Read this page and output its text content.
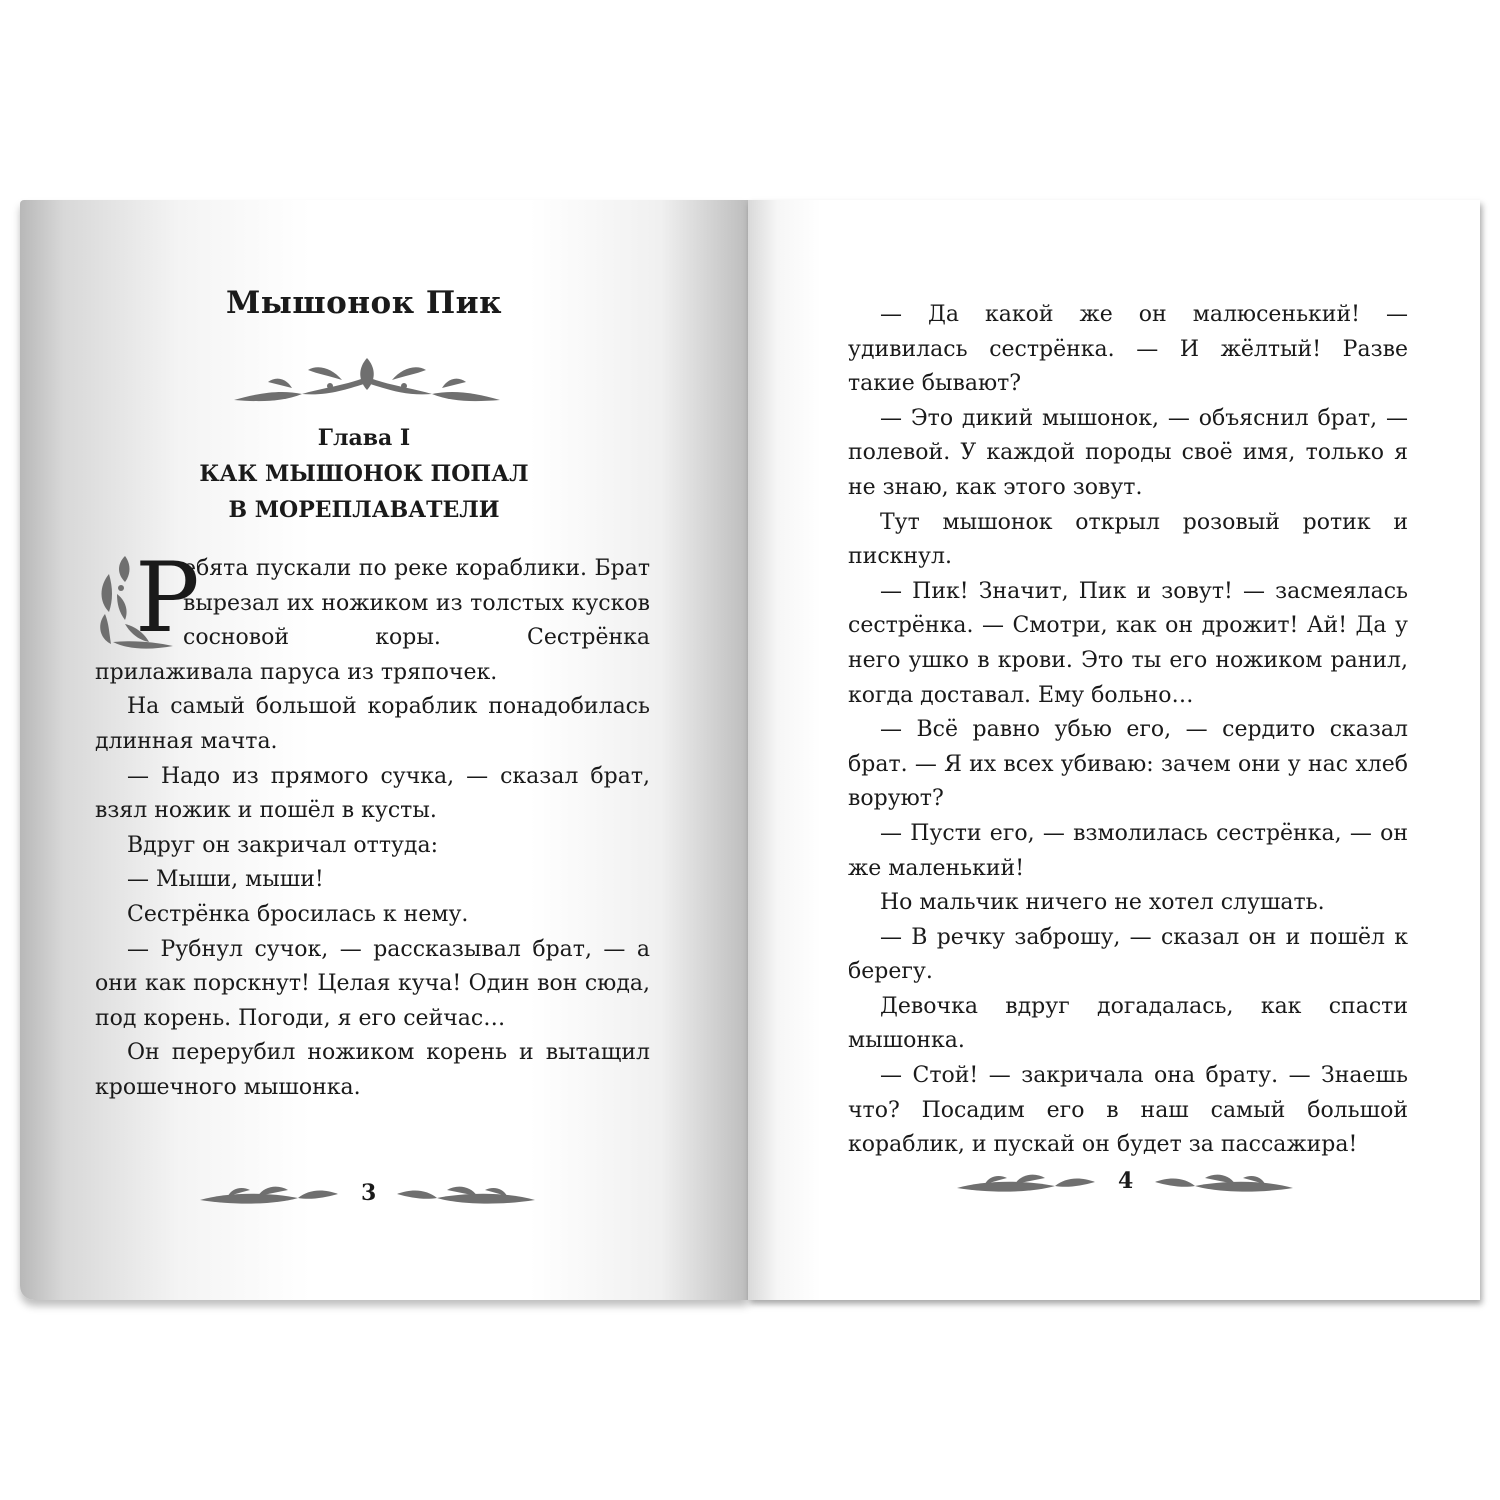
Мышонок Пик
Глава I
КАК МЫШОНОК ПОПАЛ
В МОРЕПЛАВАТЕЛИ

Р
ебята пускали по реке кораблики. Брат вырезал их ножиком из толстых кусков сосновой коры. Сестрёнка прилаживала паруса из тряпочек.

На самый большой кораблик понадобилась длинная мачта.

— Надо из прямого сучка, — сказал брат, взял ножик и пошёл в кусты.

Вдруг он закричал оттуда:

— Мыши, мыши!

Сестрёнка бросилась к нему.

— Рубнул сучок, — рассказывал брат, — а они как порскнут! Целая куча! Один вон сюда, под корень. Погоди, я его сейчас…

Он перерубил ножиком корень и вытащил крошечного мышонка.

3

— Да какой же он малюсенький! — удивилась сестрёнка. — И жёлтый! Разве такие бывают?

— Это дикий мышонок, — объяснил брат, — полевой. У каждой породы своё имя, только я не знаю, как этого зовут.

Тут мышонок открыл розовый ротик и пискнул.

— Пик! Значит, Пик и зовут! — засмеялась сестрёнка. — Смотри, как он дрожит! Ай! Да у него ушко в крови. Это ты его ножиком ранил, когда доставал. Ему больно…

— Всё равно убью его, — сердито сказал брат. — Я их всех убиваю: зачем они у нас хлеб воруют?

— Пусти его, — взмолилась сестрёнка, — он же маленький!

Но мальчик ничего не хотел слушать.

— В речку заброшу, — сказал он и пошёл к берегу.

Девочка вдруг догадалась, как спасти мышонка.

— Стой! — закричала она брату. — Знаешь что? Посадим его в наш самый большой кораблик, и пускай он будет за пассажира!

4
